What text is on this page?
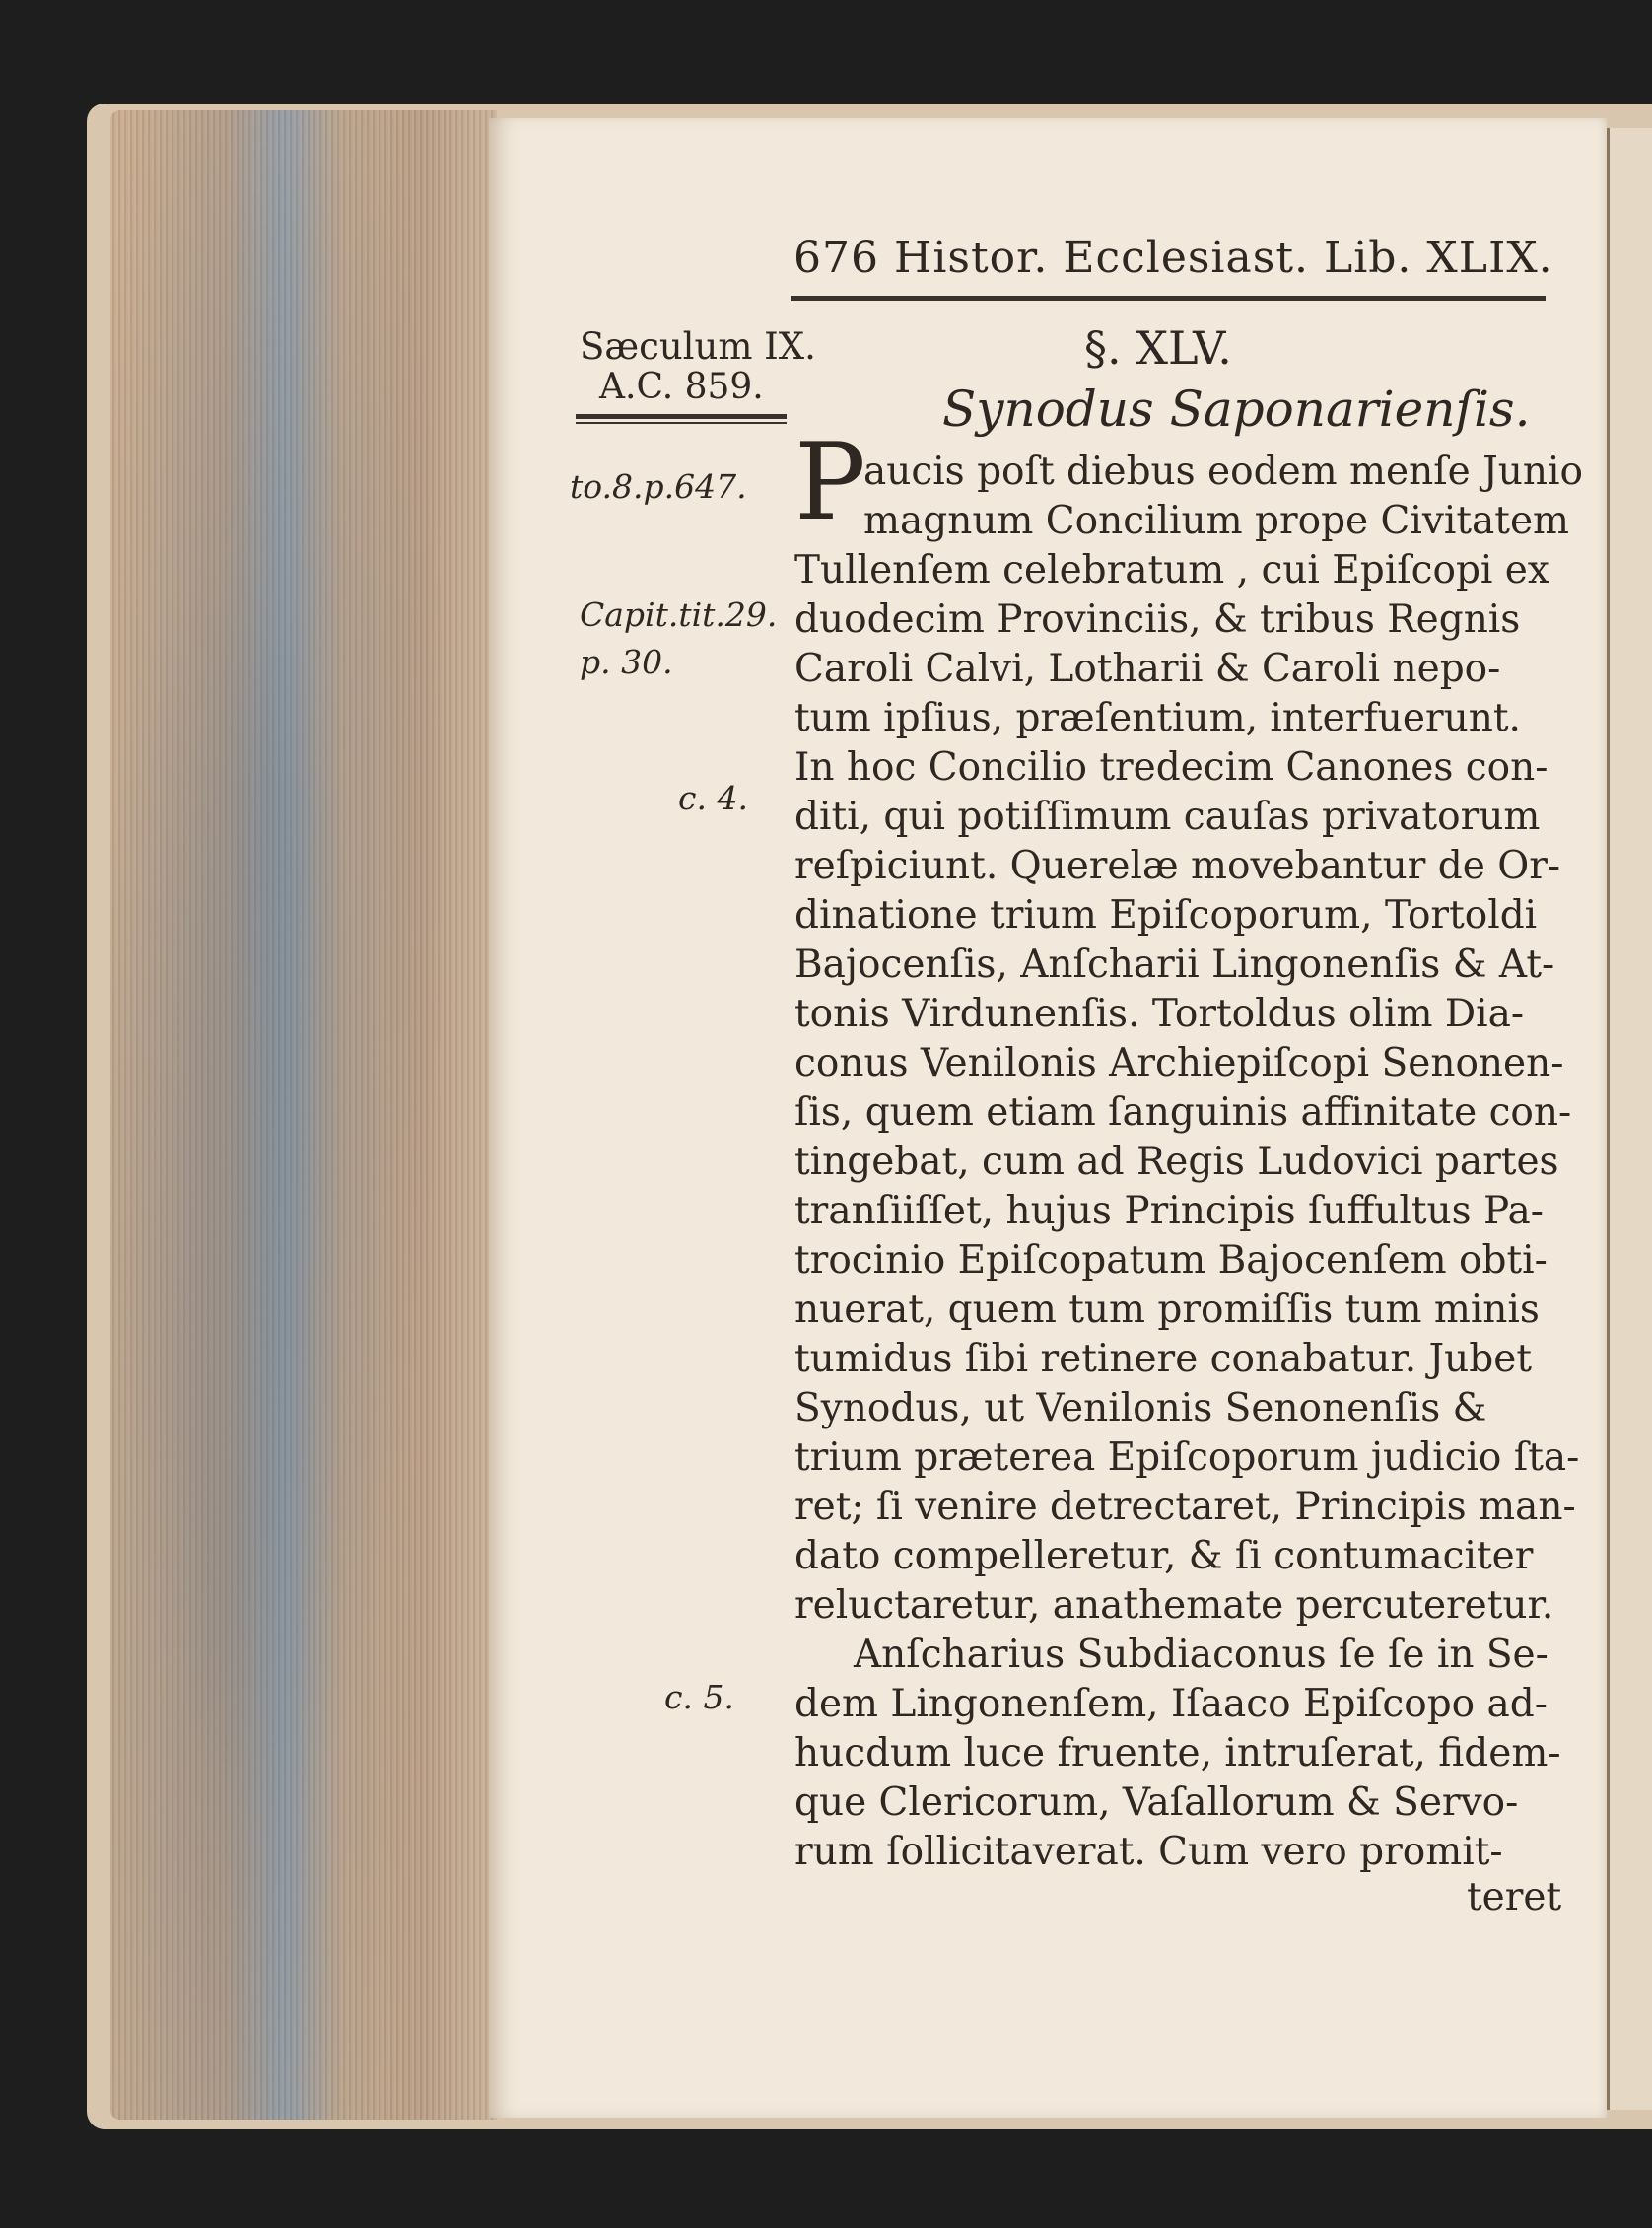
676 Histor. Ecclesiast. Lib. XLIX.
Sæculum IX.
A.C. 859.
to.8.p.647.
Capit.tit.29.
p. 30.
c. 4.
c. 5.
§. XLV.
Synodus Saponarienſis.
P
aucis poſt diebus eodem menſe Junio
magnum Concilium prope Civitatem
Tullenſem celebratum , cui Epiſcopi ex
duodecim Provinciis, & tribus Regnis
Caroli Calvi, Lotharii & Caroli nepo-
tum ipſius, præſentium, interfuerunt.
In hoc Concilio tredecim Canones con-
diti, qui potiſſimum cauſas privatorum
reſpiciunt. Querelæ movebantur de Or-
dinatione trium Epiſcoporum, Tortoldi
Bajocenſis, Anſcharii Lingonenſis & At-
tonis Virdunenſis. Tortoldus olim Dia-
conus Venilonis Archiepiſcopi Senonen-
ſis, quem etiam ſanguinis affinitate con-
tingebat, cum ad Regis Ludovici partes
tranſiiſſet, hujus Principis ſuffultus Pa-
trocinio Epiſcopatum Bajocenſem obti-
nuerat, quem tum promiſſis tum minis
tumidus ſibi retinere conabatur. Jubet
Synodus, ut Venilonis Senonenſis &
trium præterea Epiſcoporum judicio ſta-
ret; ſi venire detrectaret, Principis man-
dato compelleretur, & ſi contumaciter
reluctaretur, anathemate percuteretur.
Anſcharius Subdiaconus ſe ſe in Se-
dem Lingonenſem, Iſaaco Epiſcopo ad-
hucdum luce fruente, intruſerat, fidem-
que Clericorum, Vaſallorum & Servo-
rum ſollicitaverat. Cum vero promit-
teret
